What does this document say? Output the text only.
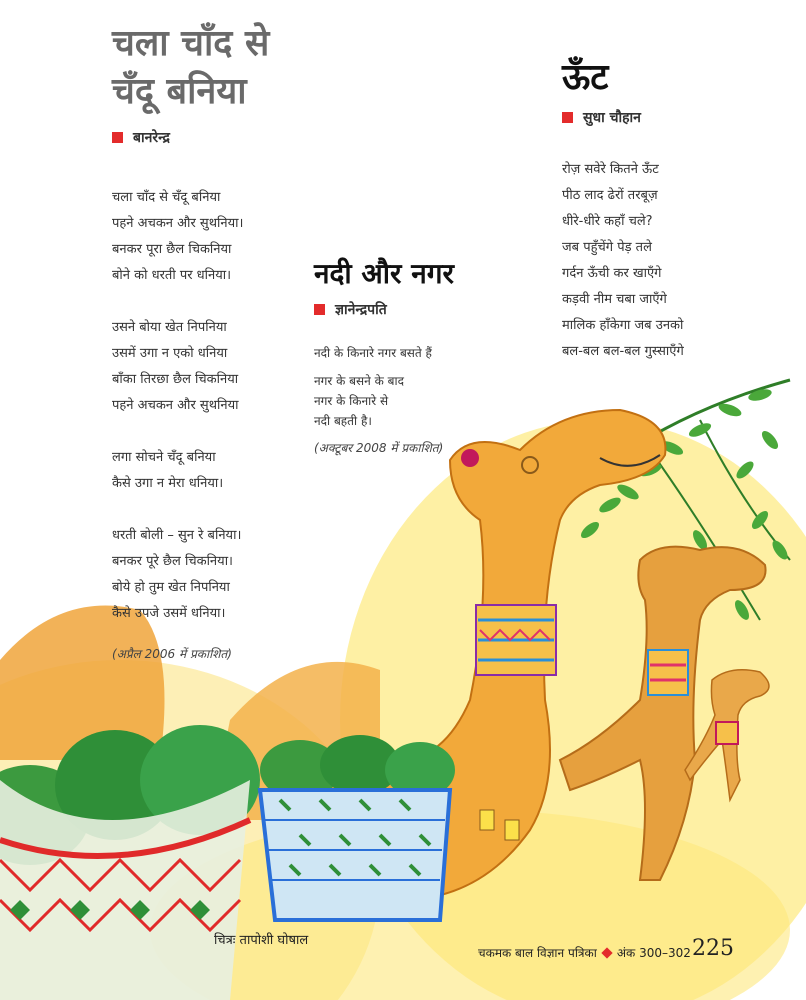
चला चाँद से
चँदू बनिया
बानरेन्द्र
चला चाँद से चँदू बनिया
पहने अचकन और सुथनिया।
बनकर पूरा छैल चिकनिया
बोने को धरती पर धनिया।
उसने बोया खेत निपनिया
उसमें उगा न एको धनिया
बाँका तिरछा छैल चिकनिया
पहने अचकन और सुथनिया
लगा सोचने चँदू बनिया
कैसे उगा न मेरा धनिया।
धरती बोली – सुन रे बनिया।
बनकर पूरे छैल चिकनिया।
बोये हो तुम खेत निपनिया
कैसे उपजे उसमें धनिया।
(अप्रैल 2006 में प्रकाशित)
नदी और नगर
ज्ञानेन्द्रपति
नदी के किनारे नगर बसते हैं
नगर के बसने के बाद
नगर के किनारे से
नदी बहती है।
(अक्टूबर 2008 में प्रकाशित)
ऊँट
सुधा चौहान
रोज़ सवेरे कितने ऊँट
पीठ लाद ढेरों तरबूज़
धीरे-धीरे कहाँ चले?
जब पहुँचेंगे पेड़ तले
गर्दन ऊँची कर खाएँगे
कड़वी नीम चबा जाएँगे
मालिक हाँकेगा जब उनको
बल-बल बल-बल गुस्साएँगे
चित्रः तापोशी घोषाल
चकमक बाल विज्ञान पत्रिका अंक 300–302 225
